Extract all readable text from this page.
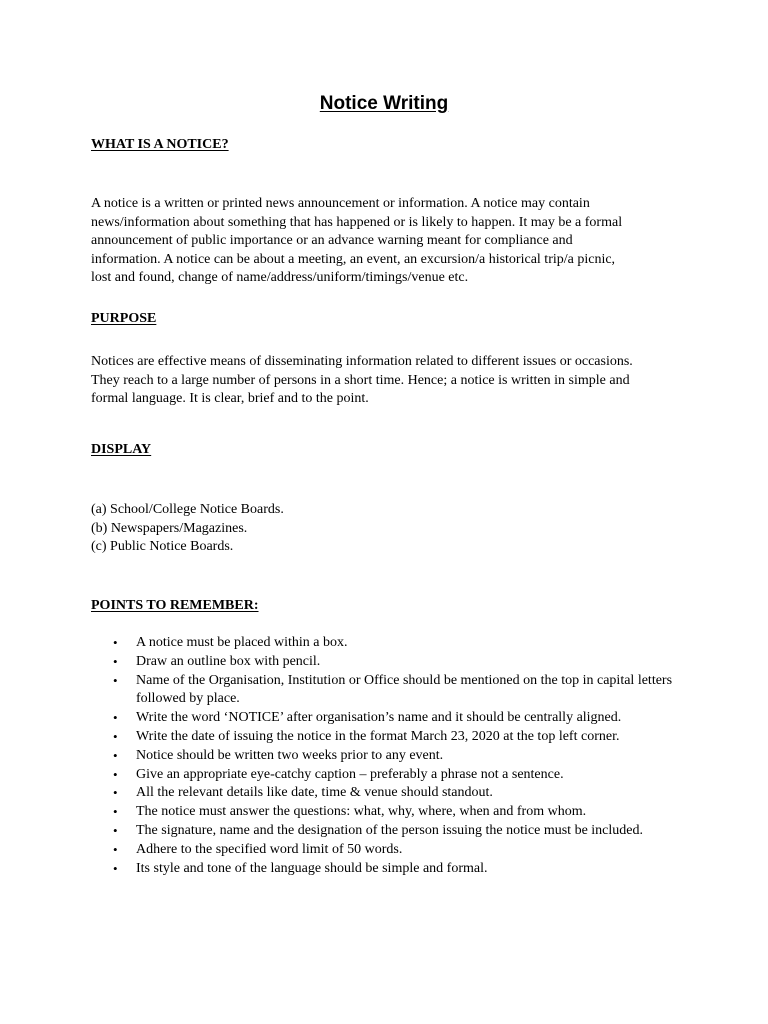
Notice Writing
WHAT IS A NOTICE?
A notice is a written or printed news announcement or information. A notice may contain
news/information about something that has happened or is likely to happen. It may be a formal
announcement of public importance or an advance warning meant for compliance and
information. A notice can be about a meeting, an event, an excursion/a historical trip/a picnic,
lost and found, change of name/address/uniform/timings/venue etc.
PURPOSE
Notices are effective means of disseminating information related to different issues or occasions.
They reach to a large number of persons in a short time. Hence; a notice is written in simple and
formal language. It is clear, brief and to the point.
DISPLAY
(a) School/College Notice Boards.
(b) Newspapers/Magazines.
(c) Public Notice Boards.
POINTS TO REMEMBER:
• A notice must be placed within a box.
• Draw an outline box with pencil.
• Name of the Organisation, Institution or Office should be mentioned on the top in capital letters followed by place.
• Write the word ‘NOTICE’ after organisation’s name and it should be centrally aligned.
• Write the date of issuing the notice in the format March 23, 2020 at the top left corner.
• Notice should be written two weeks prior to any event.
• Give an appropriate eye-catchy caption – preferably a phrase not a sentence.
• All the relevant details like date, time & venue should standout.
• The notice must answer the questions: what, why, where, when and from whom.
• The signature, name and the designation of the person issuing the notice must be included.
• Adhere to the specified word limit of 50 words.
• Its style and tone of the language should be simple and formal.
